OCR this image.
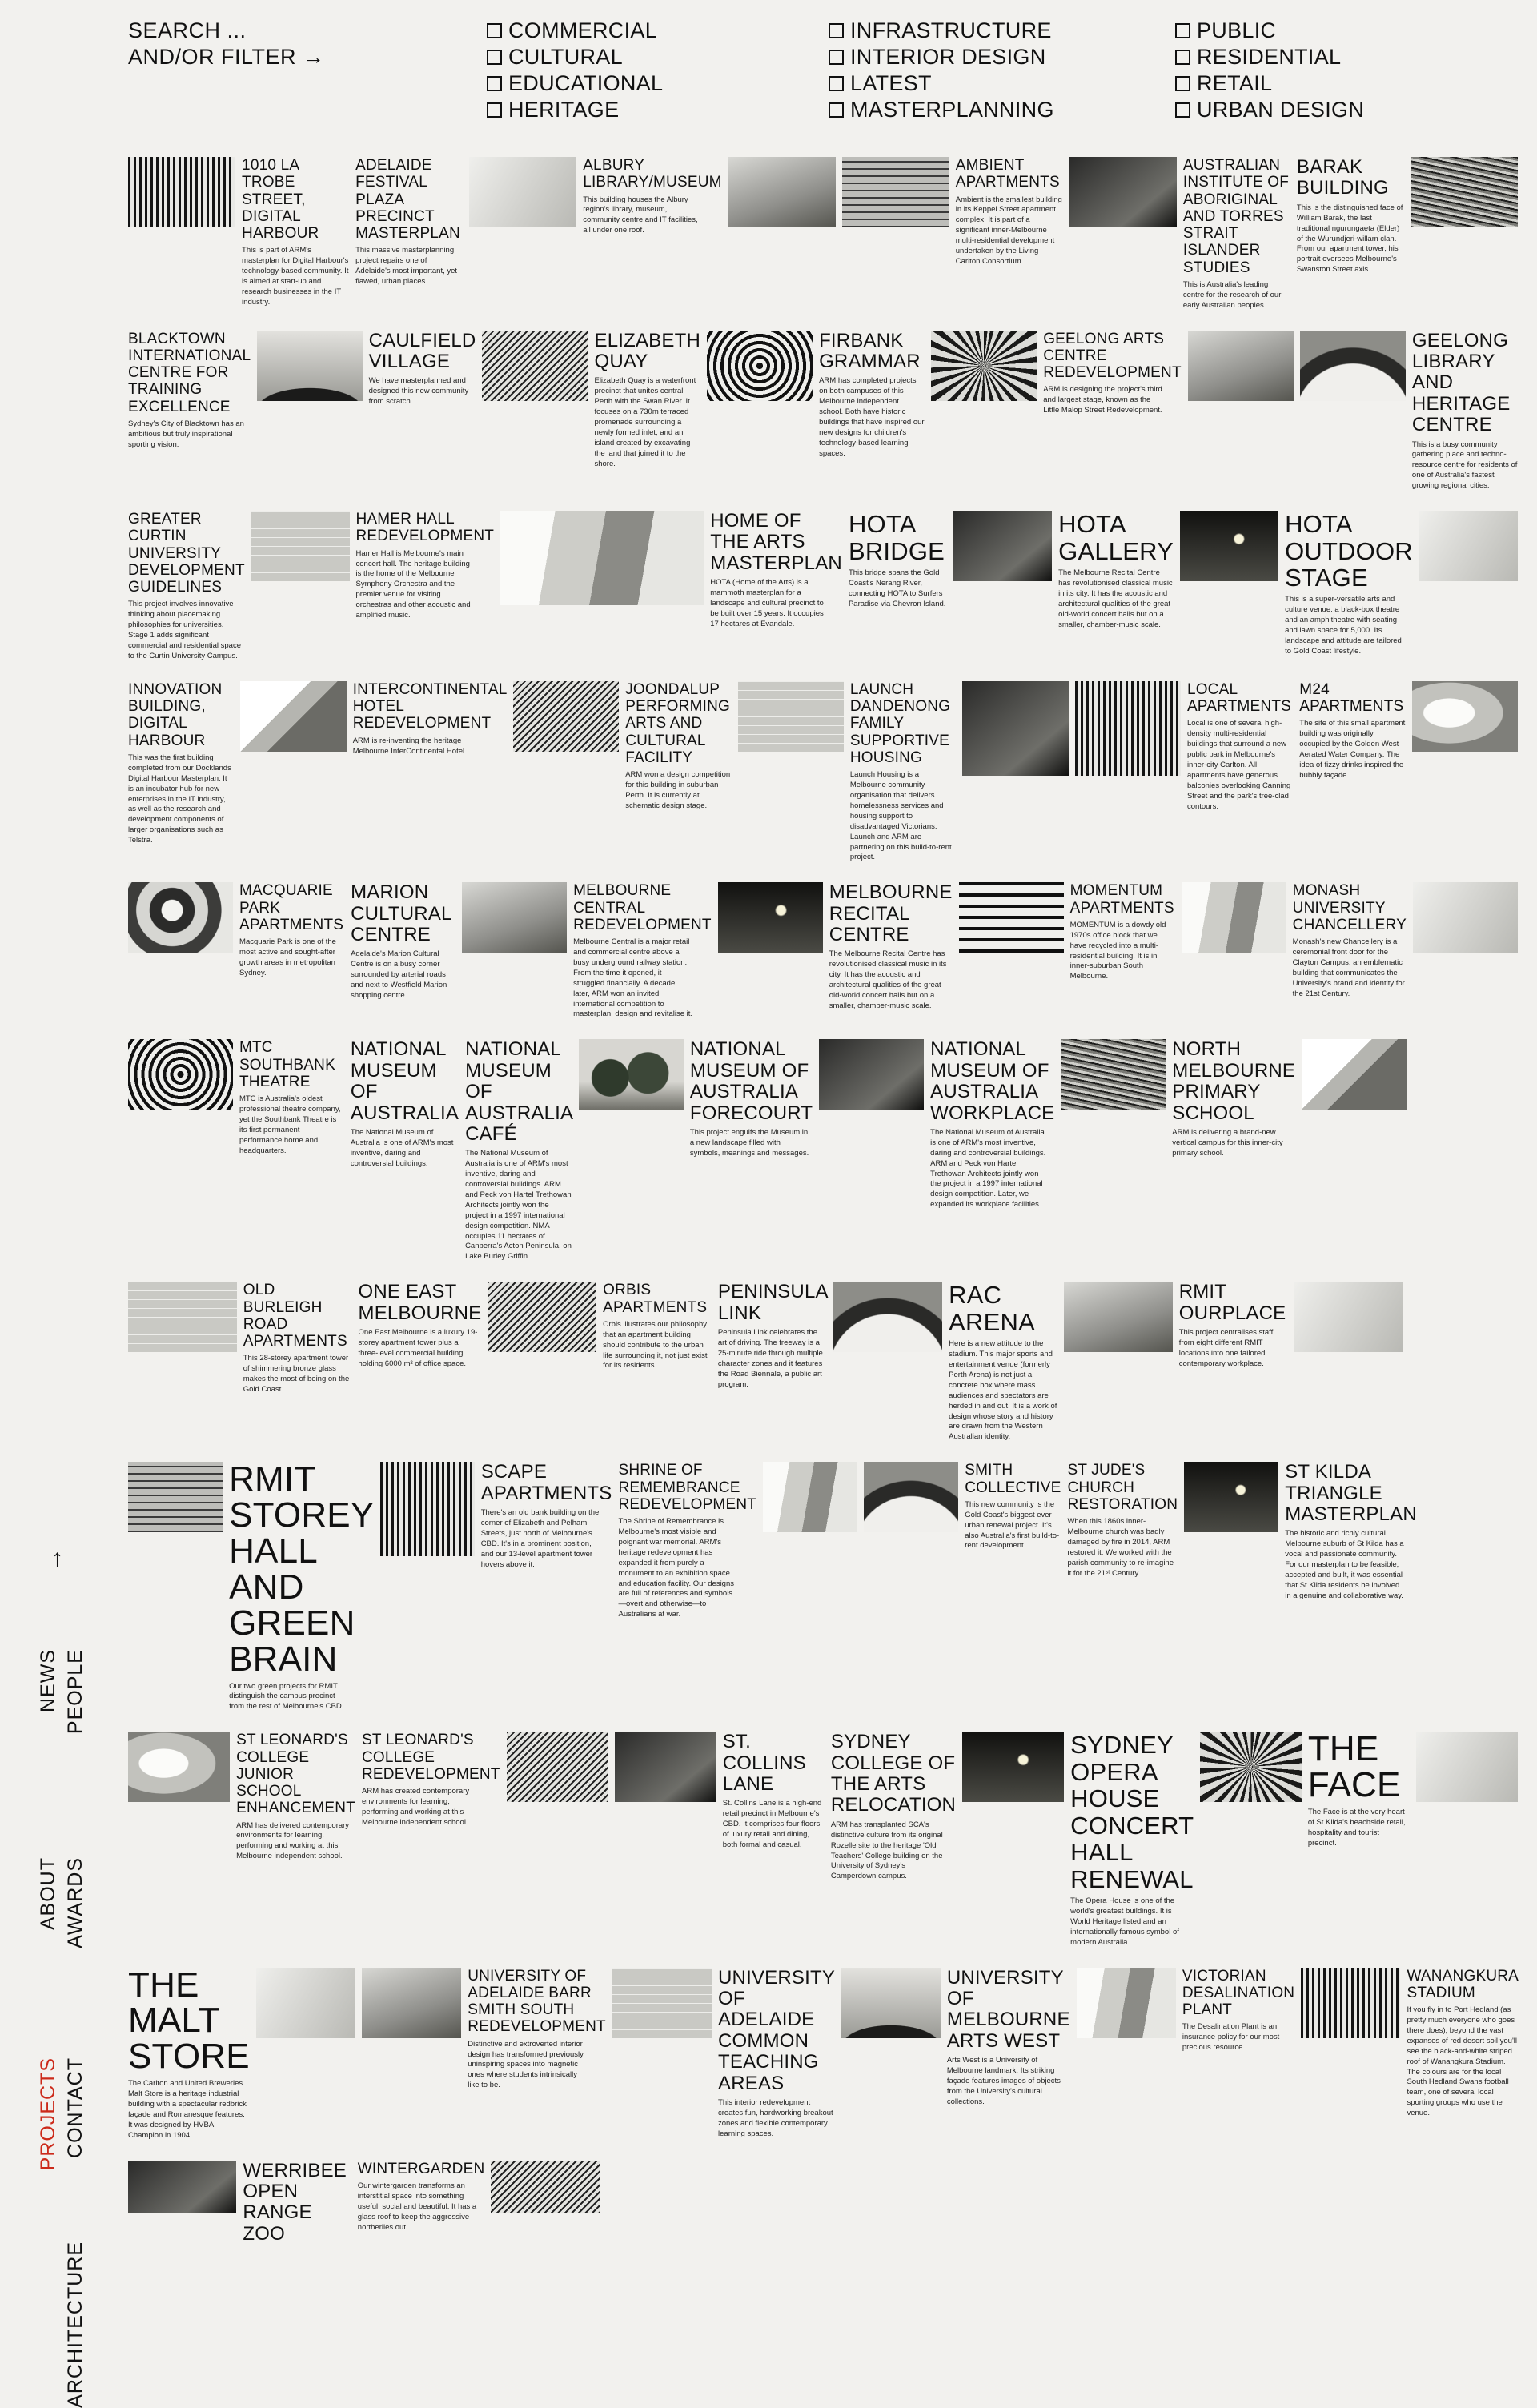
SEARCH ...
AND/OR FILTER →
COMMERCIAL
CULTURAL
EDUCATIONAL
HERITAGE
INFRASTRUCTURE
INTERIOR DESIGN
LATEST
MASTERPLANNING
PUBLIC
RESIDENTIAL
RETAIL
URBAN DESIGN
↑
NEWS PEOPLE
ABOUT AWARDS
PROJECTS CONTACT
ARCHITECTURE
1010 LA TROBE STREET, DIGITAL HARBOUR
This is part of ARM's masterplan for Digital Harbour's technology-based community. It is aimed at start-up and research businesses in the IT industry.
ADELAIDE FESTIVAL PLAZA PRECINCT MASTERPLAN
This massive masterplanning project repairs one of Adelaide's most important, yet flawed, urban places.
ALBURY LIBRARY/MUSEUM
This building houses the Albury region's library, museum, community centre and IT facilities, all under one roof.
AMBIENT APARTMENTS
Ambient is the smallest building in its Keppel Street apartment complex. It is part of a significant inner-Melbourne multi-residential development undertaken by the Living Carlton Consortium.
AUSTRALIAN INSTITUTE OF ABORIGINAL AND TORRES STRAIT ISLANDER STUDIES
This is Australia's leading centre for the research of our early Australian peoples.
BARAK BUILDING
This is the distinguished face of William Barak, the last traditional ngurungaeta (Elder) of the Wurundjeri-willam clan. From our apartment tower, his portrait oversees Melbourne's Swanston Street axis.
BLACKTOWN INTERNATIONAL CENTRE FOR TRAINING EXCELLENCE
Sydney's City of Blacktown has an ambitious but truly inspirational sporting vision.
CAULFIELD VILLAGE
We have masterplanned and designed this new community from scratch.
ELIZABETH QUAY
Elizabeth Quay is a waterfront precinct that unites central Perth with the Swan River. It focuses on a 730m terraced promenade surrounding a newly formed inlet, and an island created by excavating the land that joined it to the shore.
FIRBANK GRAMMAR
ARM has completed projects on both campuses of this Melbourne independent school. Both have historic buildings that have inspired our new designs for children's technology-based learning spaces.
GEELONG ARTS CENTRE REDEVELOPMENT
ARM is designing the project's third and largest stage, known as the Little Malop Street Redevelopment.
GEELONG LIBRARY AND HERITAGE CENTRE
This is a busy community gathering place and techno-resource centre for residents of one of Australia's fastest growing regional cities.
GREATER CURTIN UNIVERSITY DEVELOPMENT GUIDELINES
This project involves innovative thinking about placemaking philosophies for universities. Stage 1 adds significant commercial and residential space to the Curtin University Campus.
HAMER HALL REDEVELOPMENT
Hamer Hall is Melbourne's main concert hall. The heritage building is the home of the Melbourne Symphony Orchestra and the premier venue for visiting orchestras and other acoustic and amplified music.
HOME OF THE ARTS MASTERPLAN
HOTA (Home of the Arts) is a mammoth masterplan for a landscape and cultural precinct to be built over 15 years. It occupies 17 hectares at Evandale.
HOTA BRIDGE
This bridge spans the Gold Coast's Nerang River, connecting HOTA to Surfers Paradise via Chevron Island.
HOTA GALLERY
The Melbourne Recital Centre has revolutionised classical music in its city. It has the acoustic and architectural qualities of the great old-world concert halls but on a smaller, chamber-music scale.
HOTA OUTDOOR STAGE
This is a super-versatile arts and culture venue: a black-box theatre and an amphitheatre with seating and lawn space for 5,000. Its landscape and attitude are tailored to Gold Coast lifestyle.
INNOVATION BUILDING, DIGITAL HARBOUR
This was the first building completed from our Docklands Digital Harbour Masterplan. It is an incubator hub for new enterprises in the IT industry, as well as the research and development components of larger organisations such as Telstra.
INTERCONTINENTAL HOTEL REDEVELOPMENT
ARM is re-inventing the heritage Melbourne InterContinental Hotel.
JOONDALUP PERFORMING ARTS AND CULTURAL FACILITY
ARM won a design competition for this building in suburban Perth. It is currently at schematic design stage.
LAUNCH DANDENONG FAMILY SUPPORTIVE HOUSING
Launch Housing is a Melbourne community organisation that delivers homelessness services and housing support to disadvantaged Victorians. Launch and ARM are partnering on this build-to-rent project.
LOCAL APARTMENTS
Local is one of several high-density multi-residential buildings that surround a new public park in Melbourne's inner-city Carlton. All apartments have generous balconies overlooking Canning Street and the park's tree-clad contours.
M24 APARTMENTS
The site of this small apartment building was originally occupied by the Golden West Aerated Water Company. The idea of fizzy drinks inspired the bubbly façade.
MACQUARIE PARK APARTMENTS
Macquarie Park is one of the most active and sought-after growth areas in metropolitan Sydney.
MARION CULTURAL CENTRE
Adelaide's Marion Cultural Centre is on a busy corner surrounded by arterial roads and next to Westfield Marion shopping centre.
MELBOURNE CENTRAL REDEVELOPMENT
Melbourne Central is a major retail and commercial centre above a busy underground railway station. From the time it opened, it struggled financially. A decade later, ARM won an invited international competition to masterplan, design and revitalise it.
MELBOURNE RECITAL CENTRE
The Melbourne Recital Centre has revolutionised classical music in its city. It has the acoustic and architectural qualities of the great old-world concert halls but on a smaller, chamber-music scale.
MOMENTUM APARTMENTS
MOMENTUM is a dowdy old 1970s office block that we have recycled into a multi-residential building. It is in inner-suburban South Melbourne.
MONASH UNIVERSITY CHANCELLERY
Monash's new Chancellery is a ceremonial front door for the Clayton Campus: an emblematic building that communicates the University's brand and identity for the 21st Century.
MTC SOUTHBANK THEATRE
MTC is Australia's oldest professional theatre company, yet the Southbank Theatre is its first permanent performance home and headquarters.
NATIONAL MUSEUM OF AUSTRALIA
The National Museum of Australia is one of ARM's most inventive, daring and controversial buildings.
NATIONAL MUSEUM OF AUSTRALIA CAFÉ
The National Museum of Australia is one of ARM's most inventive, daring and controversial buildings. ARM and Peck von Hartel Trethowan Architects jointly won the project in a 1997 international design competition. NMA occupies 11 hectares of Canberra's Acton Peninsula, on Lake Burley Griffin.
NATIONAL MUSEUM OF AUSTRALIA FORECOURT
This project engulfs the Museum in a new landscape filled with symbols, meanings and messages.
NATIONAL MUSEUM OF AUSTRALIA WORKPLACE
The National Museum of Australia is one of ARM's most inventive, daring and controversial buildings. ARM and Peck von Hartel Trethowan Architects jointly won the project in a 1997 international design competition. Later, we expanded its workplace facilities.
NORTH MELBOURNE PRIMARY SCHOOL
ARM is delivering a brand-new vertical campus for this inner-city primary school.
OLD BURLEIGH ROAD APARTMENTS
This 28-storey apartment tower of shimmering bronze glass makes the most of being on the Gold Coast.
ONE EAST MELBOURNE
One East Melbourne is a luxury 19-storey apartment tower plus a three-level commercial building holding 6000 m² of office space.
ORBIS APARTMENTS
Orbis illustrates our philosophy that an apartment building should contribute to the urban life surrounding it, not just exist for its residents.
PENINSULA LINK
Peninsula Link celebrates the art of driving. The freeway is a 25-minute ride through multiple character zones and it features the Road Biennale, a public art program.
RAC ARENA
Here is a new attitude to the stadium. This major sports and entertainment venue (formerly Perth Arena) is not just a concrete box where mass audiences and spectators are herded in and out. It is a work of design whose story and history are drawn from the Western Australian identity.
RMIT OURPLACE
This project centralises staff from eight different RMIT locations into one tailored contemporary workplace.
RMIT STOREY HALL AND GREEN BRAIN
Our two green projects for RMIT distinguish the campus precinct from the rest of Melbourne's CBD.
SCAPE APARTMENTS
There's an old bank building on the corner of Elizabeth and Pelham Streets, just north of Melbourne's CBD. It's in a prominent position, and our 13-level apartment tower hovers above it.
SHRINE OF REMEMBRANCE REDEVELOPMENT
The Shrine of Remembrance is Melbourne's most visible and poignant war memorial. ARM's heritage redevelopment has expanded it from purely a monument to an exhibition space and education facility. Our designs are full of references and symbols—overt and otherwise—to Australians at war.
SMITH COLLECTIVE
This new community is the Gold Coast's biggest ever urban renewal project. It's also Australia's first build-to-rent development.
ST JUDE'S CHURCH RESTORATION
When this 1860s inner-Melbourne church was badly damaged by fire in 2014, ARM restored it. We worked with the parish community to re-imagine it for the 21ˢᵗ Century.
ST KILDA TRIANGLE MASTERPLAN
The historic and richly cultural Melbourne suburb of St Kilda has a vocal and passionate community. For our masterplan to be feasible, accepted and built, it was essential that St Kilda residents be involved in a genuine and collaborative way.
ST LEONARD'S COLLEGE JUNIOR SCHOOL ENHANCEMENT
ARM has delivered contemporary environments for learning, performing and working at this Melbourne independent school.
ST LEONARD'S COLLEGE REDEVELOPMENT
ARM has created contemporary environments for learning, performing and working at this Melbourne independent school.
ST. COLLINS LANE
St. Collins Lane is a high-end retail precinct in Melbourne's CBD. It comprises four floors of luxury retail and dining, both formal and casual.
SYDNEY COLLEGE OF THE ARTS RELOCATION
ARM has transplanted SCA's distinctive culture from its original Rozelle site to the heritage 'Old Teachers' College building on the University of Sydney's Camperdown campus.
SYDNEY OPERA HOUSE CONCERT HALL RENEWAL
The Opera House is one of the world's greatest buildings. It is World Heritage listed and an internationally famous symbol of modern Australia.
THE FACE
The Face is at the very heart of St Kilda's beachside retail, hospitality and tourist precinct.
THE MALT STORE
The Carlton and United Breweries Malt Store is a heritage industrial building with a spectacular redbrick façade and Romanesque features. It was designed by HVBA Champion in 1904.
UNIVERSITY OF ADELAIDE BARR SMITH SOUTH REDEVELOPMENT
Distinctive and extroverted interior design has transformed previously uninspiring spaces into magnetic ones where students intrinsically like to be.
UNIVERSITY OF ADELAIDE COMMON TEACHING AREAS
This interior redevelopment creates fun, hardworking breakout zones and flexible contemporary learning spaces.
UNIVERSITY OF MELBOURNE ARTS WEST
Arts West is a University of Melbourne landmark. Its striking façade features images of objects from the University's cultural collections.
VICTORIAN DESALINATION PLANT
The Desalination Plant is an insurance policy for our most precious resource.
WANANGKURA STADIUM
If you fly in to Port Hedland (as pretty much everyone who goes there does), beyond the vast expanses of red desert soil you'll see the black-and-white striped roof of Wanangkura Stadium. The colours are for the local South Hedland Swans football team, one of several local sporting groups who use the venue.
WERRIBEE OPEN RANGE ZOO
WINTERGARDEN
Our wintergarden transforms an interstitial space into something useful, social and beautiful. It has a glass roof to keep the aggressive northerlies out.
